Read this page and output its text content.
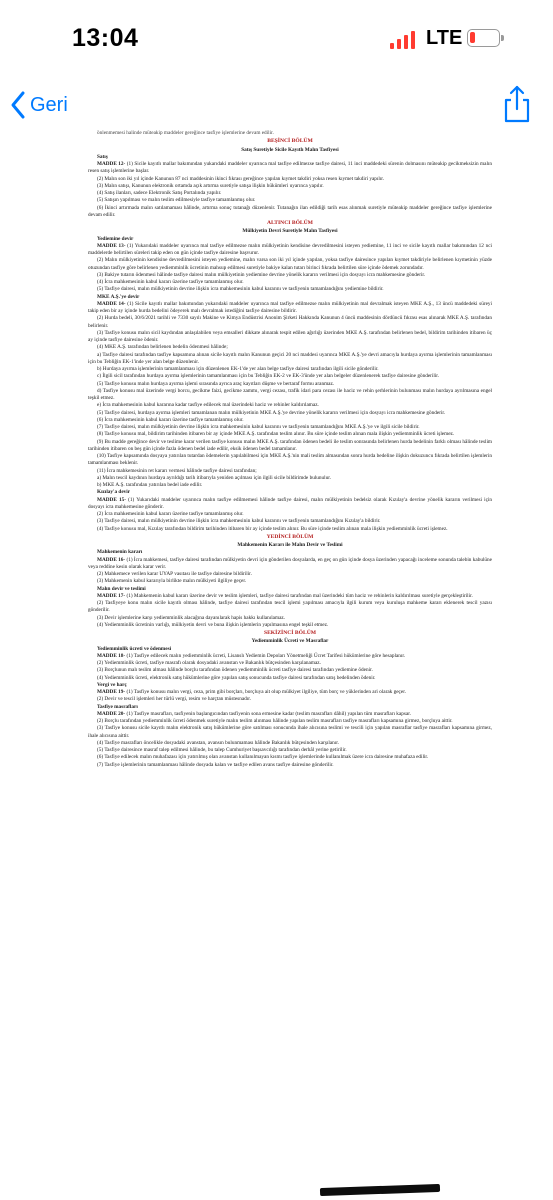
13:04	LTE
Geri

önlenmemesi halinde müteakip maddeler gereğince tasfiye işlemlerine devam edilir.

BEŞİNCİ BÖLÜM
Satış Suretiyle Sicile Kayıtlı Malın Tasfiyesi
Satış

MADDE 12- (1) Sicile kayıtlı mallar bakımından yukarıdaki maddeler uyarınca mal tasfiye edilmezse tasfiye dairesi, 11 inci maddedeki sürenin dolmasını müteakip gecikmeksizin malın resen satış işlemlerine başlar.

(2) Malın son iki yıl içinde Kanunun 87 nci maddesinin ikinci fıkrası gereğince yapılan kıymet takdiri yoksa resen kıymet takdiri yapılır.

(3) Malın satışı, Kanunun elektronik ortamda açık artırma suretiyle satışa ilişkin hükümleri uyarınca yapılır.

(4) Satış ilanları, sadece Elektronik Satış Portalında yapılır.

(5) Satışın yapılması ve malın teslim edilmesiyle tasfiye tamamlanmış olur.

(6) İkinci artırmada malın satılamaması hâlinde, artırma sonuç tutanağı düzenlenir. Tutanağın ilan edildiği tarih esas alınmak suretiyle müteakip maddeler gereğince tasfiye işlemlerine devam edilir.

ALTINCI BÖLÜM
Mülkiyetin Devri Suretiyle Malın Tasfiyesi
Yedieminе devir

MADDE 13- (1) Yukarıdaki maddeler uyarınca mal tasfiye edilmezse malın mülkiyetinin kendisine devredilmesini isteyen yedieminе, 11 inci ve sicile kayıtlı mallar bakımından 12 nci maddelerde belirtilen süreleri takip eden on gün içinde tasfiye dairesine başvurur.

(2) Malın mülkiyetinin kendisine devredilmesini isteyen yedieminе, malın varsa son iki yıl içinde yapılan, yoksa tasfiye dairesince yapılan kıymet takdiriyle belirlenen kıymetinin yüzde otuzundan tasfiye göre belirlenen yediemminlik ücretinin mahsup edilmesi suretiyle bakiye kalan tutarı birinci fıkrada belirtilen süre içinde ödemek zorundadır.

(3) Bakiye tutarın ödenmesi hâlinde tasfiye dairesi malın mülkiyetinin yedieminе devrine yönelik kararın verilmesi için dosyayı icra mahkemesine gönderir.

(4) İcra mahkemesinin kabul kararı üzerine tasfiye tamamlanmış olur.

(5) Tasfiye dairesi, malın mülkiyetinin devrine ilişkin icra mahkemesinin kabul kararını ve tasfiyenin tamamlandığını yedieminе bildirir.

MKE A.Ş.'ye devir

MADDE 14- (1) Sicile kayıtlı mallar bakımından yukarıdaki maddeler uyarınca mal tasfiye edilmezse malın mülkiyetinin mal devralmak isteyen MKE A.Ş., 13 üncü maddedeki süreyi takip eden bir ay içinde hurda bedelini ödeyerek malı devralmak istediğini tasfiye dairesine bildirir.

(2) Hurda bedeli, 30/6/2021 tarihli ve 7330 sayılı Makine ve Kimya Endüstrisi Anonim Şirketi Hakkında Kanunun 4 üncü maddesinin dördüncü fıkrası esas alınarak MKE A.Ş. tarafından belirlenir.

(3) Tasfiye konusu malın sicil kaydından anlaşılabilen veya emsalleri dikkate alınarak tespit edilen ağırlığı üzerinden MKE A.Ş. tarafından belirlenen bedel, bildirim tarihinden itibaren üç ay içinde tasfiye dairesine ödenir.

(4) MKE A.Ş. tarafından belirlenen bedelin ödenmesi hâlinde;

a) Tasfiye dairesi tarafından tasfiye kapsamına alınan sicile kayıtlı malın Kanunun geçici 20 nci maddesi uyarınca MKE A.Ş.'ye devri amacıyla hurdaya ayırma işlemlerinin tamamlanması için bu Tebliğin EK-1'inde yer alan belge düzenlenir.

b) Hurdaya ayırma işlemlerinin tamamlanması için düzenlenen EK-1'de yer alan belge tasfiye dairesi tarafından ilgili sicile gönderilir.

c) İlgili sicil tarafından hurdaya ayırma işlemlerinin tamamlanması için bu Tebliğin EK-2 ve EK-3'ünde yer alan belgeler düzenlenerek tasfiye dairesine gönderilir.

(5) Tasfiye konusu malın hurdaya ayırma işlemi sırasında ayrıca araç kayıtları düşme ve bertaraf formu aranmaz.

d) Tasfiye konusu mal üzerinde vergi borcu, gecikme faizi, gecikme zammı, vergi cezası, trafik idari para cezası ile haciz ve rehin şerhlerinin bulunması malın hurdaya ayrılmasına engel teşkil etmez.

e) İcra mahkemesinin kabul kararına kadar tasfiye edilecek mal üzerindeki haciz ve rehinler kaldırılamaz.

(5) Tasfiye dairesi, hurdaya ayırma işlemleri tamamlanan malın mülkiyetinin MKE A.Ş.'ye devrine yönelik kararın verilmesi için dosyayı icra mahkemesine gönderir.

(6) İcra mahkemesinin kabul kararı üzerine tasfiye tamamlanmış olur.

(7) Tasfiye dairesi, malın mülkiyetinin devrine ilişkin icra mahkemesinin kabul kararını ve tasfiyenin tamamlandığını MKE A.Ş.'ye ve ilgili sicile bildirir.

(8) Tasfiye konusu mal, bildirim tarihinden itibaren bir ay içinde MKE A.Ş. tarafından teslim alınır. Bu süre içinde teslim alınan mala ilişkin yediemminlik ücreti işlemez.

(9) Bu madde gereğince devir ve teslime karar verilen tasfiye konusu malın MKE A.Ş. tarafından ödenen bedeli ile teslim sonrasında belirlenen hurda bedelinin farklı olması hâlinde teslim tarihinden itibaren on beş gün içinde fazla ödenen bedel iade edilir, eksik ödenen bedel tamamlanır.

(10) Tasfiye kapsamında dosyaya yatırılan tutardan ödemelerin yapılabilmesi için MKE A.Ş.'nin mali teslim almasından sonra hurda bedeline ilişkin dokuzuncu fıkrada belirtilen işlemlerin tamamlanması beklenir.

(11) İcra mahkemesinin ret kararı vermesi hâlinde tasfiye dairesi tarafından;

a) Malın tescil kaydının hurdaya ayrıldığı tarih itibarıyla yeniden açılması için ilgili sicile bildirimde bulunulur.

b) MKE A.Ş. tarafından yatırılan bedel iade edilir.

Kızılay'a devir

MADDE 15- (1) Yukarıdaki maddeler uyarınca malın tasfiye edilmemesi hâlinde tasfiye dairesi, malın mülkiyetinin bedelsiz olarak Kızılay'a devrine yönelik kararın verilmesi için dosyayı icra mahkemesine gönderir.

(2) İcra mahkemesinin kabul kararı üzerine tasfiye tamamlanmış olur.

(3) Tasfiye dairesi, malın mülkiyetinin devrine ilişkin icra mahkemesinin kabul kararını ve tasfiyenin tamamlandığını Kızılay'a bildirir.

(4) Tasfiye konusu mal, Kızılay tarafından bildirim tarihinden itibaren bir ay içinde teslim alınır. Bu süre içinde teslim alınan mala ilişkin yediemminlik ücreti işlemez.

YEDİNCİ BÖLÜM
Mahkemenin Kararı ile Malın Devir ve Teslimi
Mahkemenin kararı

MADDE 16- (1) İcra mahkemesi, tasfiye dairesi tarafından mülkiyetin devri için gönderilen dosyalarda, en geç on gün içinde dosya üzerinden yapacağı inceleme sonunda talebin kabulüne veya reddine kesin olarak karar verir.

(2) Mahkemece verilen karar UYAP vasıtası ile tasfiye dairesine bildirilir.

(3) Mahkemenin kabul kararıyla birlikte malın mülkiyeti ilgiliye geçer.

Malın devir ve teslimi

MADDE 17- (1) Mahkemenin kabul kararı üzerine devir ve teslim işlemleri, tasfiye dairesi tarafından mal üzerindeki tüm haciz ve rehinlerin kaldırılması suretiyle gerçekleştirilir.

(2) Tasfiyeye konu malın sicile kayıtlı olması hâlinde, tasfiye dairesi tarafından tescil işlemi yapılması amacıyla ilgili kurum veya kuruluşa mahkeme kararı eklenerek tescil yazısı gönderilir.

(3) Devir işlemlerine karşı yediemminlik alacağına dayanılarak hapis hakkı kullanılamaz.

(4) Yediemminlik ücretinin varlığı, mülkiyetin devri ve buna ilişkin işlemlerin yapılmasına engel teşkil etmez.

SEKİZİNCİ BÖLÜM
Yediemminlik Ücreti ve Masraflar
Yediemminlik ücreti ve ödenmesi

MADDE 18- (1) Tasfiye edilecek malın yediemminlik ücreti, Lisanslı Yediemin Depoları Yönetmeliği Ücret Tarifesi hükümlerine göre hesaplanır.

(2) Yediemminlik ücreti, tasfiye masrafı olarak dosyadaki avanstan ve Bakanlık bütçesinden karşılanamaz.

(3) Borçlunun malı teslim alması hâlinde borçlu tarafından ödenen yediemminlik ücreti tasfiye dairesi tarafından yedieminе ödenir.

(4) Yediemminlik ücreti, elektronik satış hükümlerine göre yapılan satış sonucunda tasfiye dairesi tarafından satış bedelinden ödenir.

Vergi ve harç

MADDE 19- (1) Tasfiye konusu malın vergi, ceza, prim gibi borçları, borçluya ait olup mülkiyet ilgiliye, tüm borç ve yüklerinden ari olarak geçer.

(2) Devir ve tescil işlemleri her türlü vergi, resim ve harçtan müstesnadır.

Tasfiye masrafları

MADDE 20- (1) Tasfiye masrafları, tasfiyenin başlangıcından tasfiyenin sona ermesine kadar (teslim masrafları dâhil) yapılan tüm masrafları kapsar.

(2) Borçlu tarafından yediemminlik ücreti ödenmek suretiyle malın teslim alınması hâlinde yapılan teslim masrafları tasfiye masrafları kapsamına girmez, borçluya aittir.

(3) Tasfiye konusu sicile kayıtlı malın elektronik satış hükümlerine göre satılması sonucunda ihale alıcısına teslimi ve tescili için yapılan masraflar tasfiye masrafları kapsamına girmez, ihale alıcısına aittir.

(4) Tasfiye masrafları öncelikle dosyadaki avanstan, avansın bulunmaması hâlinde Bakanlık bütçesinden karşılanır.

(5) Tasfiye dairesince masraf talep edilmesi hâlinde, bu talep Cumhuriyet başsavcılığı tarafından derhâl yerine getirilir.

(6) Tasfiye edilecek malın muhafazası için yatırılmış olan avanstan kullanılmayan kısmı tasfiye işlemlerinde kullanılmak üzere icra dairesine muhafaza edilir.

(7) Tasfiye işlemlerinin tamamlanması hâlinde dosyada kalan ve tasfiye edilen avans tasfiye dairesine gönderilir.
